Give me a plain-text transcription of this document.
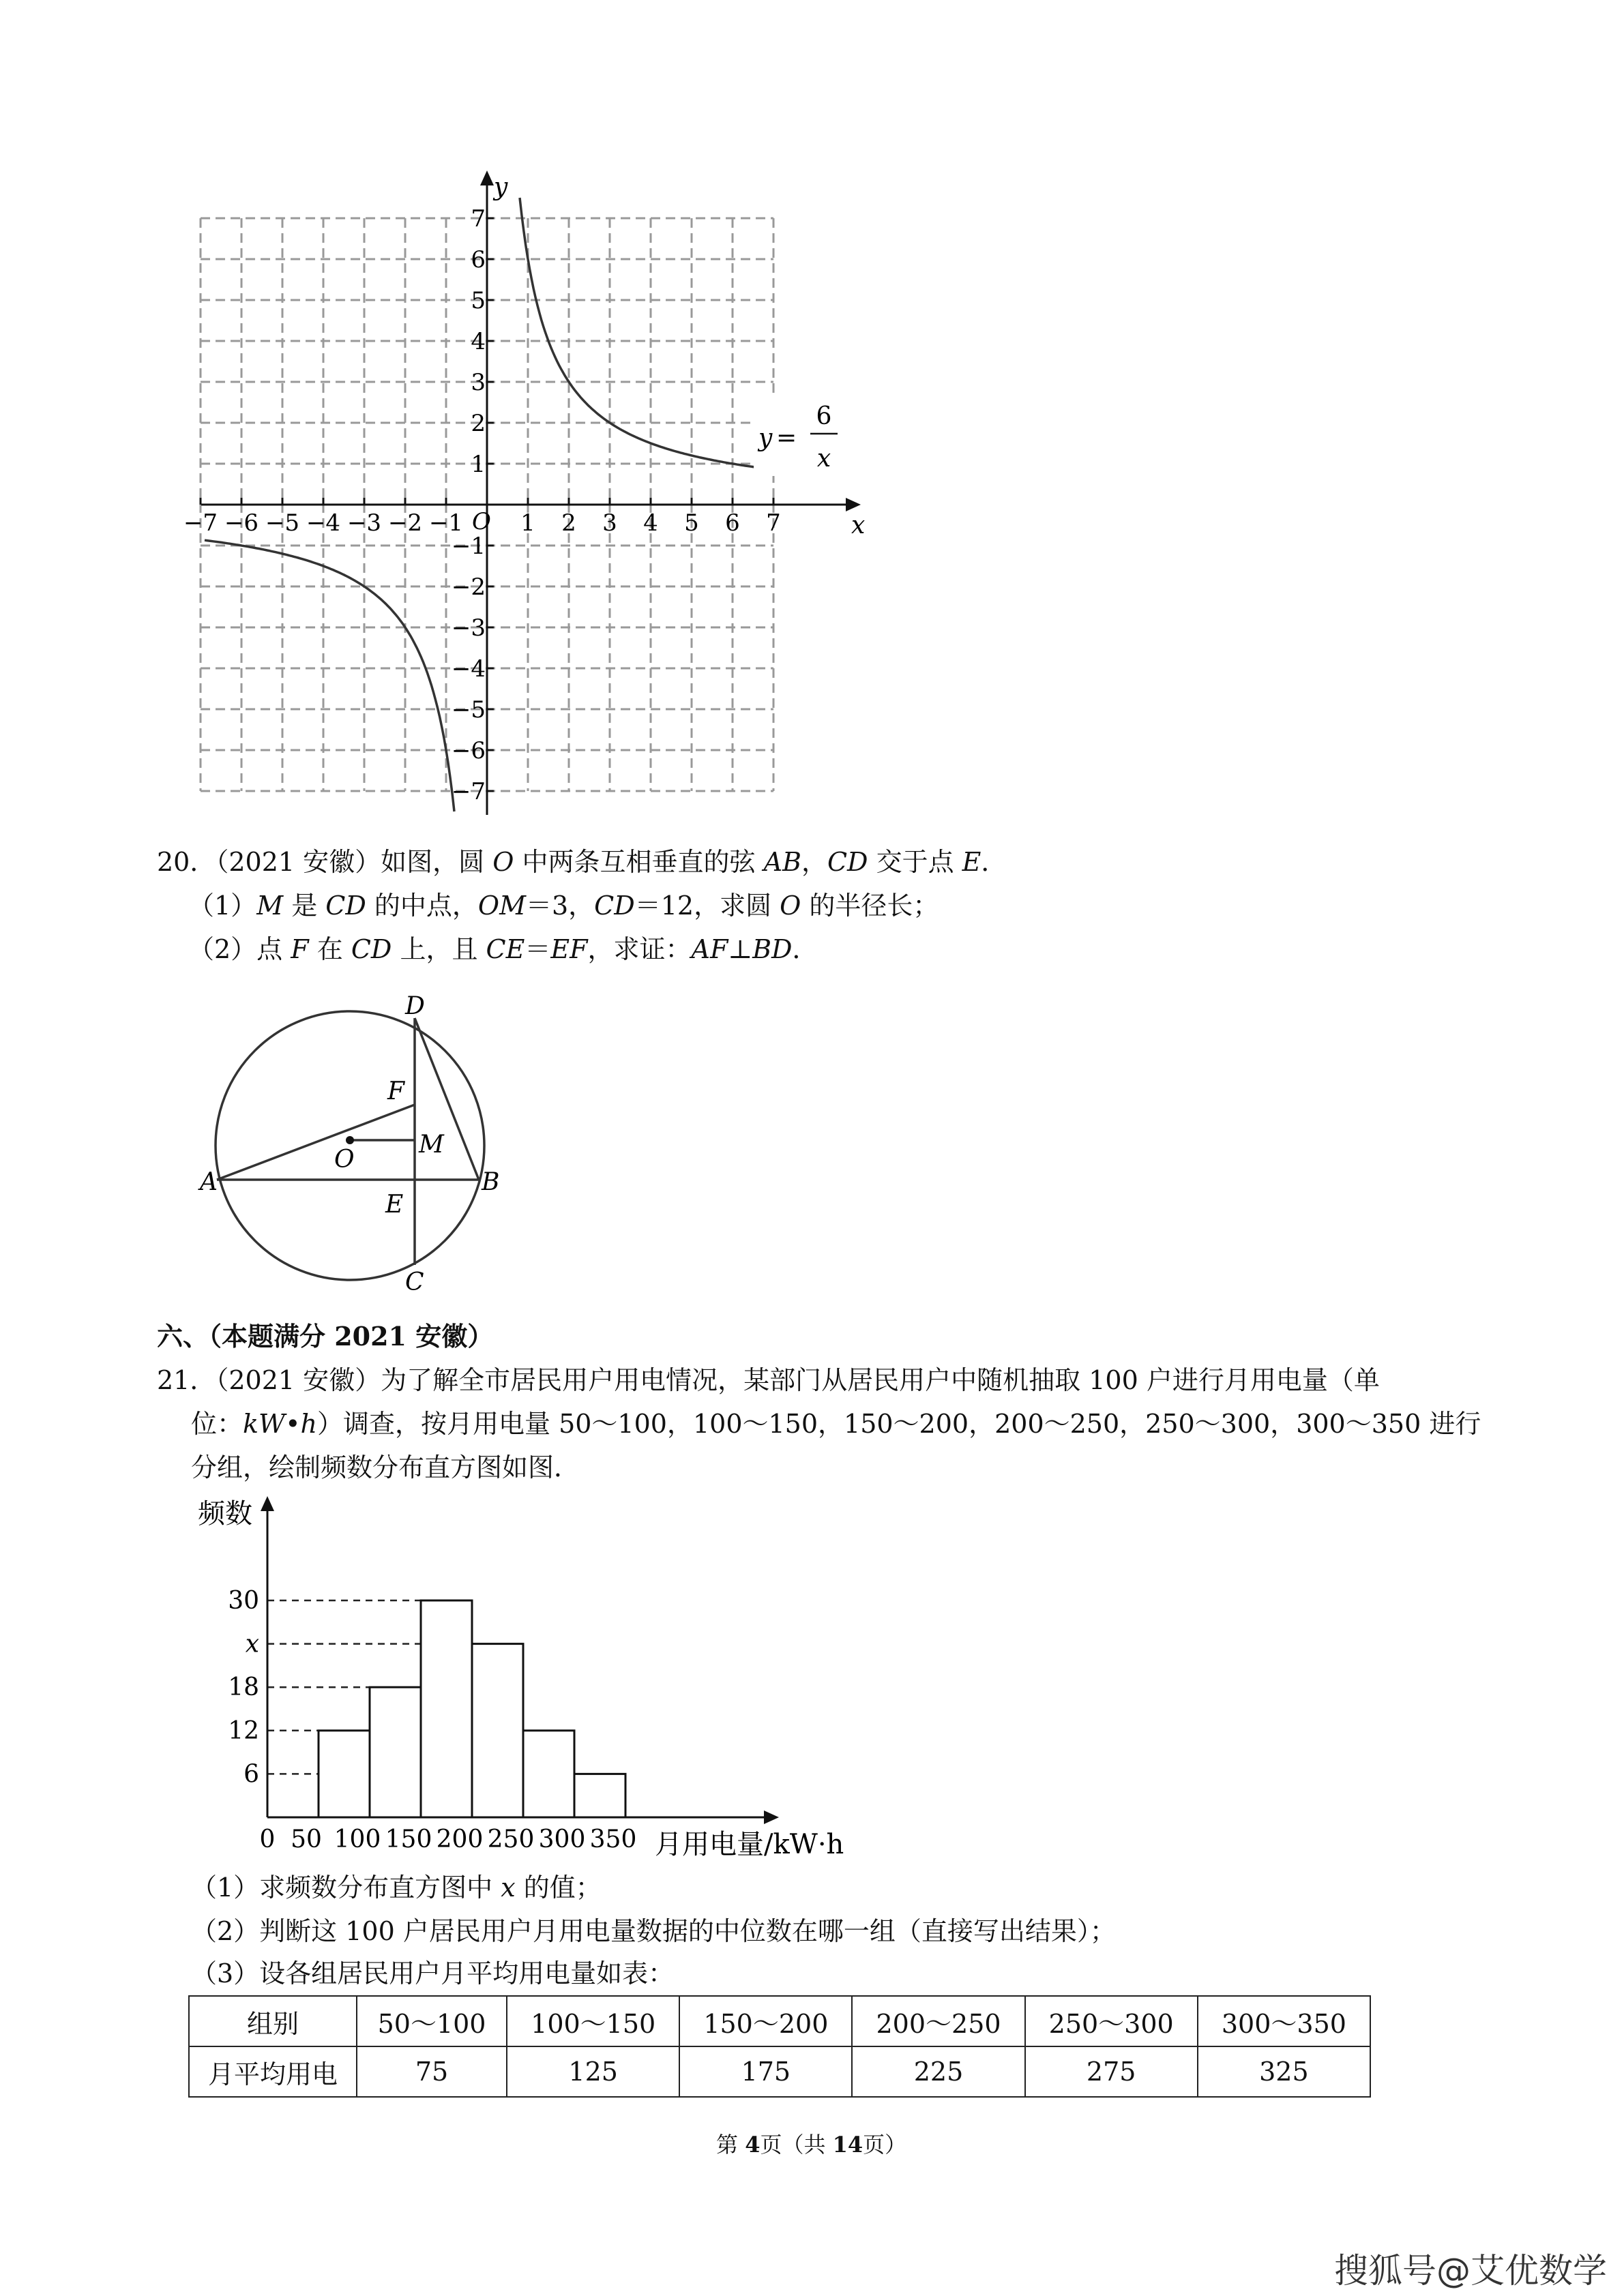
−7 −6 −5 −4 −3 −2 −1 1 2 3 4 5 6 7
7
6
5
4
3
2
1
−1
−2
−3
−4
−5
−6
−7
x
y
O
y =
6
x
20．（2021 安徽）如图，圆 O 中两条互相垂直的弦 AB，CD 交于点 E．
（1）M 是 CD 的中点，OM＝3，CD＝12，求圆 O 的半径长；
（2）点 F 在 CD 上，且 CE＝EF，求证：AF⊥BD．
A	B
C
D
E
F
M
O
六、（本题满分 2021 安徽）
21．（2021 安徽）为了解全市居民用户用电情况，某部门从居民用户中随机抽取 100 户进行月用电量（单
位：kW•h）调查，按月用电量 50～100，100～150，150～200，200～250，250～300，300～350 进行
分组，绘制频数分布直方图如图．
频数
6
12
18
x
30
0 50 100 150 200 250 300 350 月用电量/kW·h
（1）求频数分布直方图中 x 的值；
（2）判断这 100 户居民用户月用电量数据的中位数在哪一组（直接写出结果）；
（3）设各组居民用户月平均用电量如表：
组别	50～100	100～150	150～200	200～250	250～300	300～350
月平均用电	75	125	175	225	275	325
第 4页（共 14页）
搜狐号@艾优数学
